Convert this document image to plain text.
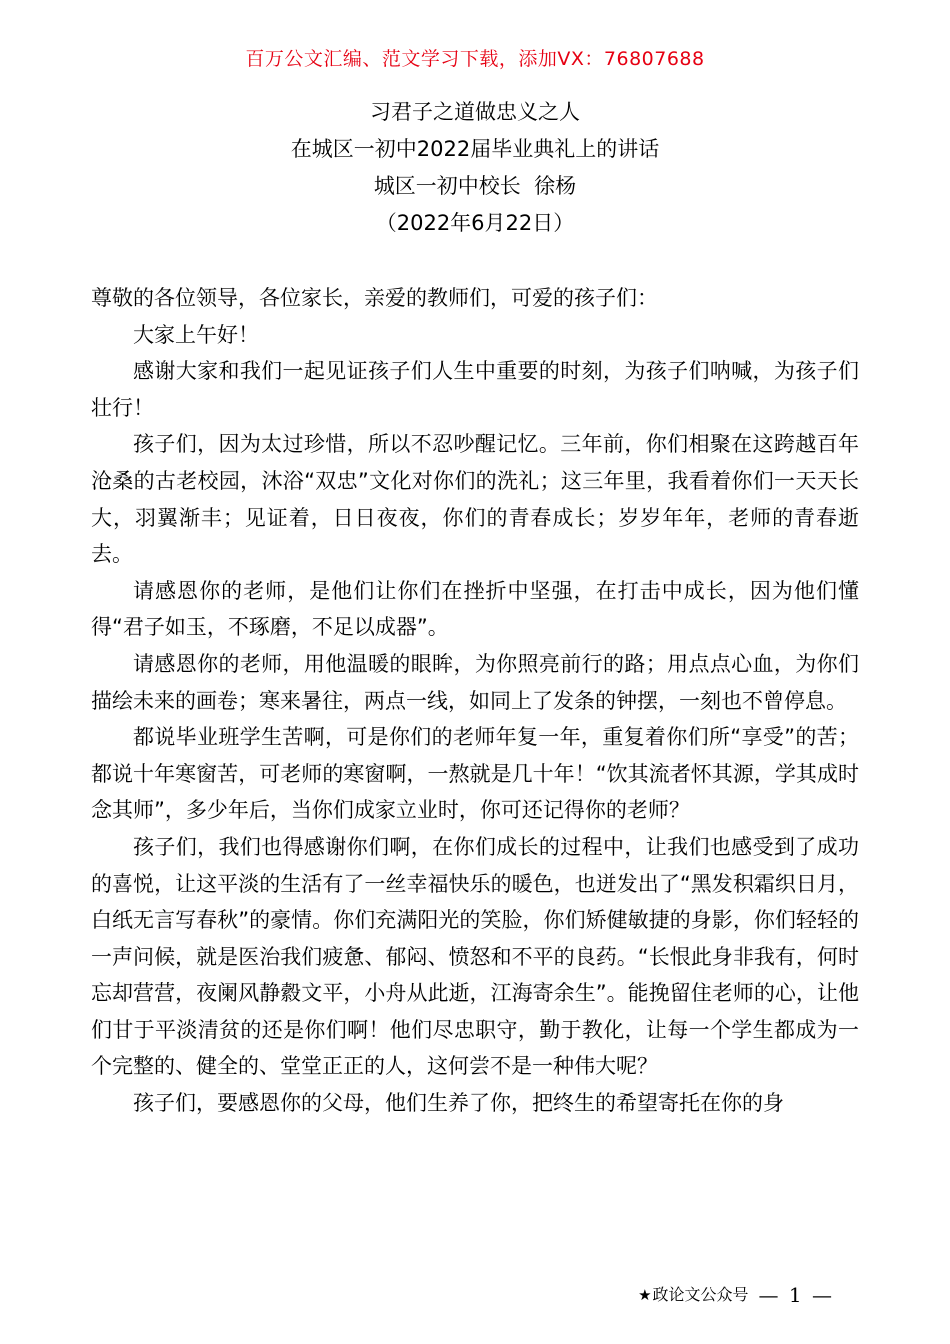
百万公文汇编、范文学习下载，添加VX：76807688
习君子之道做忠义之人
在城区一初中2022届毕业典礼上的讲话
城区一初中校长  徐杨
（2022年6月22日）

尊敬的各位领导，各位家长，亲爱的教师们，可爱的孩子们：

大家上午好！

感谢大家和我们一起见证孩子们人生中重要的时刻，为孩子们呐喊，为孩子们壮行！

孩子们，因为太过珍惜，所以不忍吵醒记忆。三年前，你们相聚在这跨越百年沧桑的古老校园，沐浴“双忠”文化对你们的洗礼；这三年里，我看着你们一天天长大，羽翼渐丰；见证着，日日夜夜，你们的青春成长；岁岁年年，老师的青春逝去。

请感恩你的老师，是他们让你们在挫折中坚强，在打击中成长，因为他们懂得“君子如玉，不琢磨，不足以成器”。

请感恩你的老师，用他温暖的眼眸，为你照亮前行的路；用点点心血，为你们描绘未来的画卷；寒来暑往，两点一线，如同上了发条的钟摆，一刻也不曾停息。

都说毕业班学生苦啊，可是你们的老师年复一年，重复着你们所“享受”的苦；都说十年寒窗苦，可老师的寒窗啊，一熬就是几十年！“饮其流者怀其源，学其成时念其师”，多少年后，当你们成家立业时，你可还记得你的老师？

孩子们，我们也得感谢你们啊，在你们成长的过程中，让我们也感受到了成功的喜悦，让这平淡的生活有了一丝幸福快乐的暖色，也迸发出了“黑发积霜织日月，白纸无言写春秋”的豪情。你们充满阳光的笑脸，你们矫健敏捷的身影，你们轻轻的一声问候，就是医治我们疲惫、郁闷、愤怒和不平的良药。“长恨此身非我有，何时忘却营营，夜阑风静縠文平，小舟从此逝，江海寄余生”。能挽留住老师的心，让他们甘于平淡清贫的还是你们啊！他们尽忠职守，勤于教化，让每一个学生都成为一个完整的、健全的、堂堂正正的人，这何尝不是一种伟大呢？

孩子们，要感恩你的父母，他们生养了你，把终生的希望寄托在你的身

★ 政论文公众号 — 1 —
